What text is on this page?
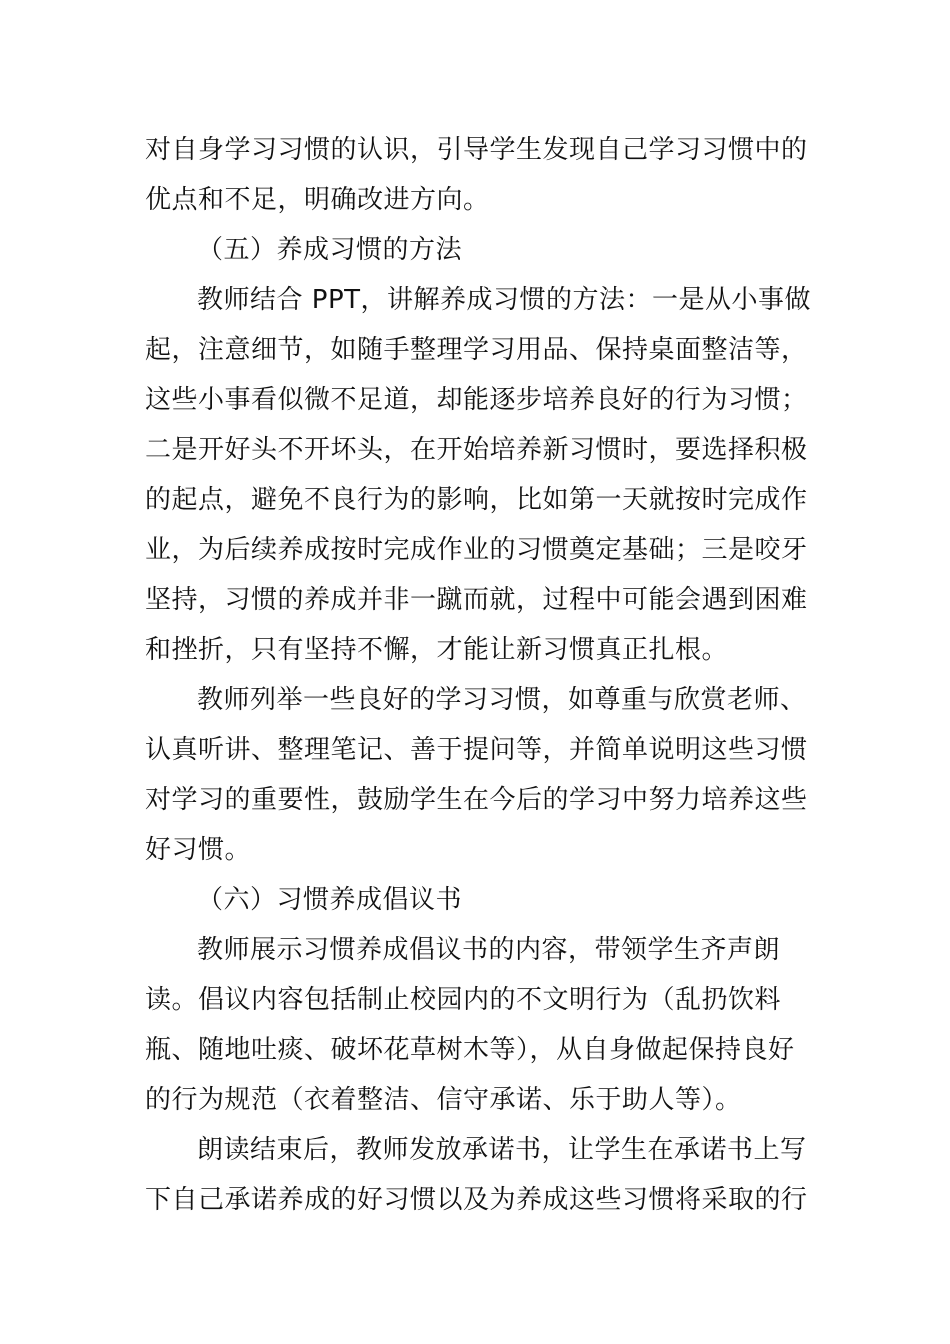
对自身学习习惯的认识，引导学生发现自己学习习惯中的
优点和不足，明确改进方向。
（五）养成习惯的方法
教师结合 PPT，讲解养成习惯的方法：一是从小事做
起，注意细节，如随手整理学习用品、保持桌面整洁等，
这些小事看似微不足道，却能逐步培养良好的行为习惯；
二是开好头不开坏头，在开始培养新习惯时，要选择积极
的起点，避免不良行为的影响，比如第一天就按时完成作
业，为后续养成按时完成作业的习惯奠定基础；三是咬牙
坚持，习惯的养成并非一蹴而就，过程中可能会遇到困难
和挫折，只有坚持不懈，才能让新习惯真正扎根。
教师列举一些良好的学习习惯，如尊重与欣赏老师、
认真听讲、整理笔记、善于提问等，并简单说明这些习惯
对学习的重要性，鼓励学生在今后的学习中努力培养这些
好习惯。
（六）习惯养成倡议书
教师展示习惯养成倡议书的内容，带领学生齐声朗
读。倡议内容包括制止校园内的不文明行为（乱扔饮料
瓶、随地吐痰、破坏花草树木等），从自身做起保持良好
的行为规范（衣着整洁、信守承诺、乐于助人等）。
朗读结束后，教师发放承诺书，让学生在承诺书上写
下自己承诺养成的好习惯以及为养成这些习惯将采取的行
